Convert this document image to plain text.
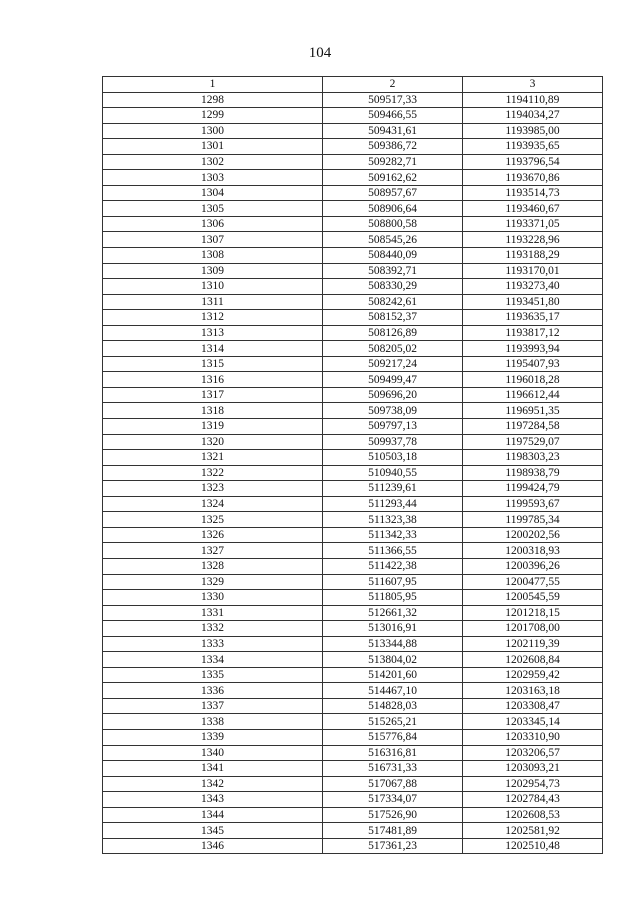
104
1	2	3
1298	509517,33	1194110,89
1299	509466,55	1194034,27
1300	509431,61	1193985,00
1301	509386,72	1193935,65
1302	509282,71	1193796,54
1303	509162,62	1193670,86
1304	508957,67	1193514,73
1305	508906,64	1193460,67
1306	508800,58	1193371,05
1307	508545,26	1193228,96
1308	508440,09	1193188,29
1309	508392,71	1193170,01
1310	508330,29	1193273,40
1311	508242,61	1193451,80
1312	508152,37	1193635,17
1313	508126,89	1193817,12
1314	508205,02	1193993,94
1315	509217,24	1195407,93
1316	509499,47	1196018,28
1317	509696,20	1196612,44
1318	509738,09	1196951,35
1319	509797,13	1197284,58
1320	509937,78	1197529,07
1321	510503,18	1198303,23
1322	510940,55	1198938,79
1323	511239,61	1199424,79
1324	511293,44	1199593,67
1325	511323,38	1199785,34
1326	511342,33	1200202,56
1327	511366,55	1200318,93
1328	511422,38	1200396,26
1329	511607,95	1200477,55
1330	511805,95	1200545,59
1331	512661,32	1201218,15
1332	513016,91	1201708,00
1333	513344,88	1202119,39
1334	513804,02	1202608,84
1335	514201,60	1202959,42
1336	514467,10	1203163,18
1337	514828,03	1203308,47
1338	515265,21	1203345,14
1339	515776,84	1203310,90
1340	516316,81	1203206,57
1341	516731,33	1203093,21
1342	517067,88	1202954,73
1343	517334,07	1202784,43
1344	517526,90	1202608,53
1345	517481,89	1202581,92
1346	517361,23	1202510,48
